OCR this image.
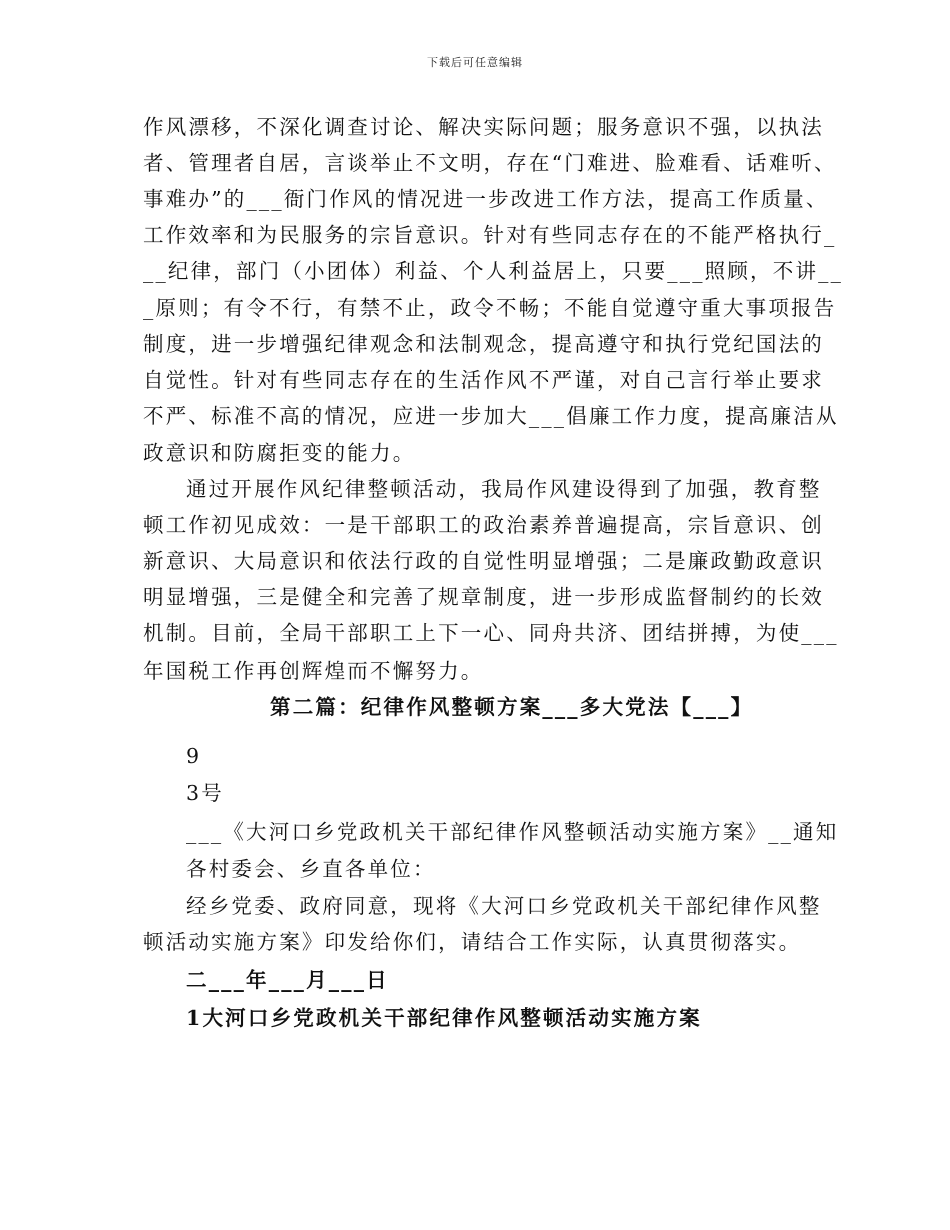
下载后可任意编辑
作风漂移，不深化调查讨论、解决实际问题；服务意识不强，以执法
者、管理者自居，言谈举止不文明，存在“门难进、脸难看、话难听、
事难办”的___衙门作风的情况进一步改进工作方法，提高工作质量、
工作效率和为民服务的宗旨意识。针对有些同志存在的不能严格执行_
__纪律，部门（小团体）利益、个人利益居上，只要___照顾，不讲__
_原则；有令不行，有禁不止，政令不畅；不能自觉遵守重大事项报告
制度，进一步增强纪律观念和法制观念，提高遵守和执行党纪国法的
自觉性。针对有些同志存在的生活作风不严谨，对自己言行举止要求
不严、标准不高的情况，应进一步加大___倡廉工作力度，提高廉洁从
政意识和防腐拒变的能力。
通过开展作风纪律整顿活动，我局作风建设得到了加强，教育整
顿工作初见成效：一是干部职工的政治素养普遍提高，宗旨意识、创
新意识、大局意识和依法行政的自觉性明显增强；二是廉政勤政意识
明显增强，三是健全和完善了规章制度，进一步形成监督制约的长效
机制。目前，全局干部职工上下一心、同舟共济、团结拼搏，为使___
年国税工作再创辉煌而不懈努力。
第二篇：纪律作风整顿方案___多大党法【___】
9
3号
___《大河口乡党政机关干部纪律作风整顿活动实施方案》__通知
各村委会、乡直各单位：
经乡党委、政府同意，现将《大河口乡党政机关干部纪律作风整
顿活动实施方案》印发给你们，请结合工作实际，认真贯彻落实。
二___年___月___日
1大河口乡党政机关干部纪律作风整顿活动实施方案
